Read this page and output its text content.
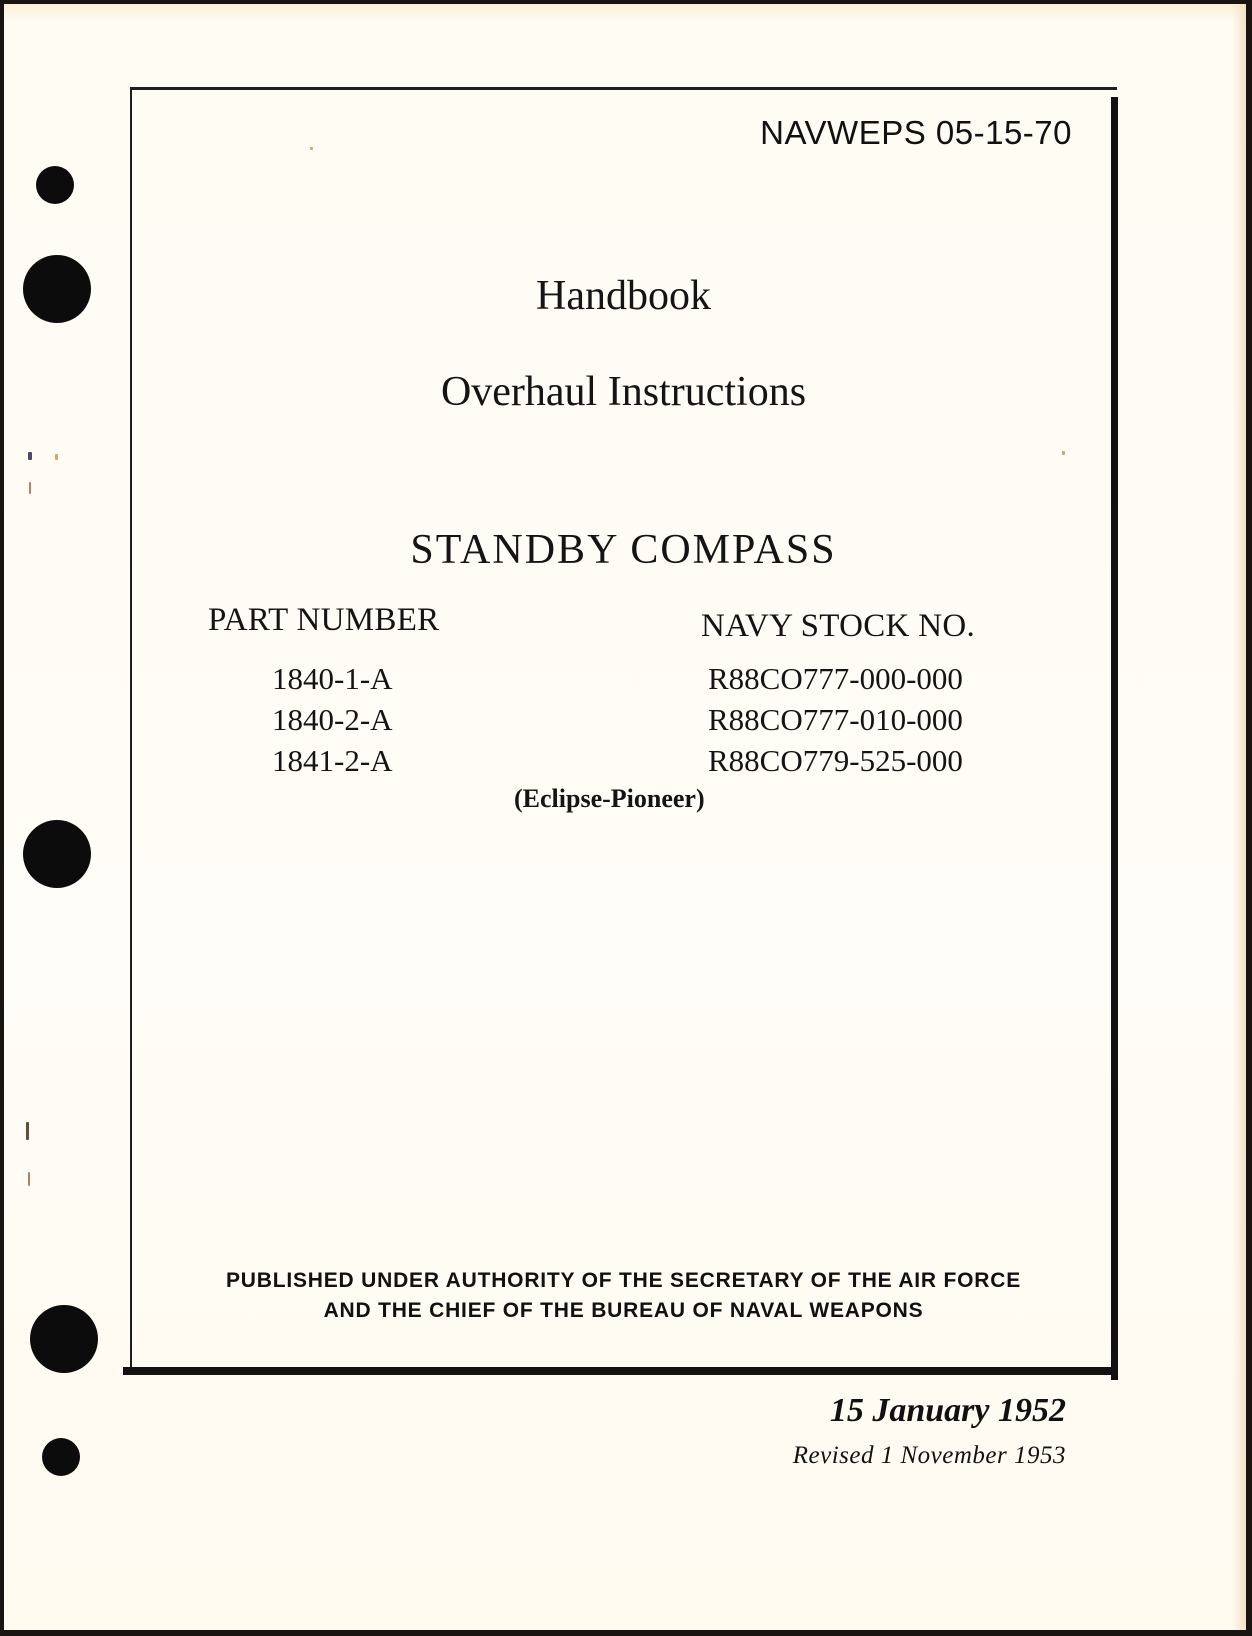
NAVWEPS 05-15-70
Handbook
Overhaul Instructions
STANDBY COMPASS
PART NUMBER	NAVY STOCK NO.
1840-1-A
1840-2-A
1841-2-A
R88CO777-000-000
R88CO777-010-000
R88CO779-525-000
(Eclipse-Pioneer)
PUBLISHED UNDER AUTHORITY OF THE SECRETARY OF THE AIR FORCE
AND THE CHIEF OF THE BUREAU OF NAVAL WEAPONS
15 January 1952
Revised 1 November 1953
